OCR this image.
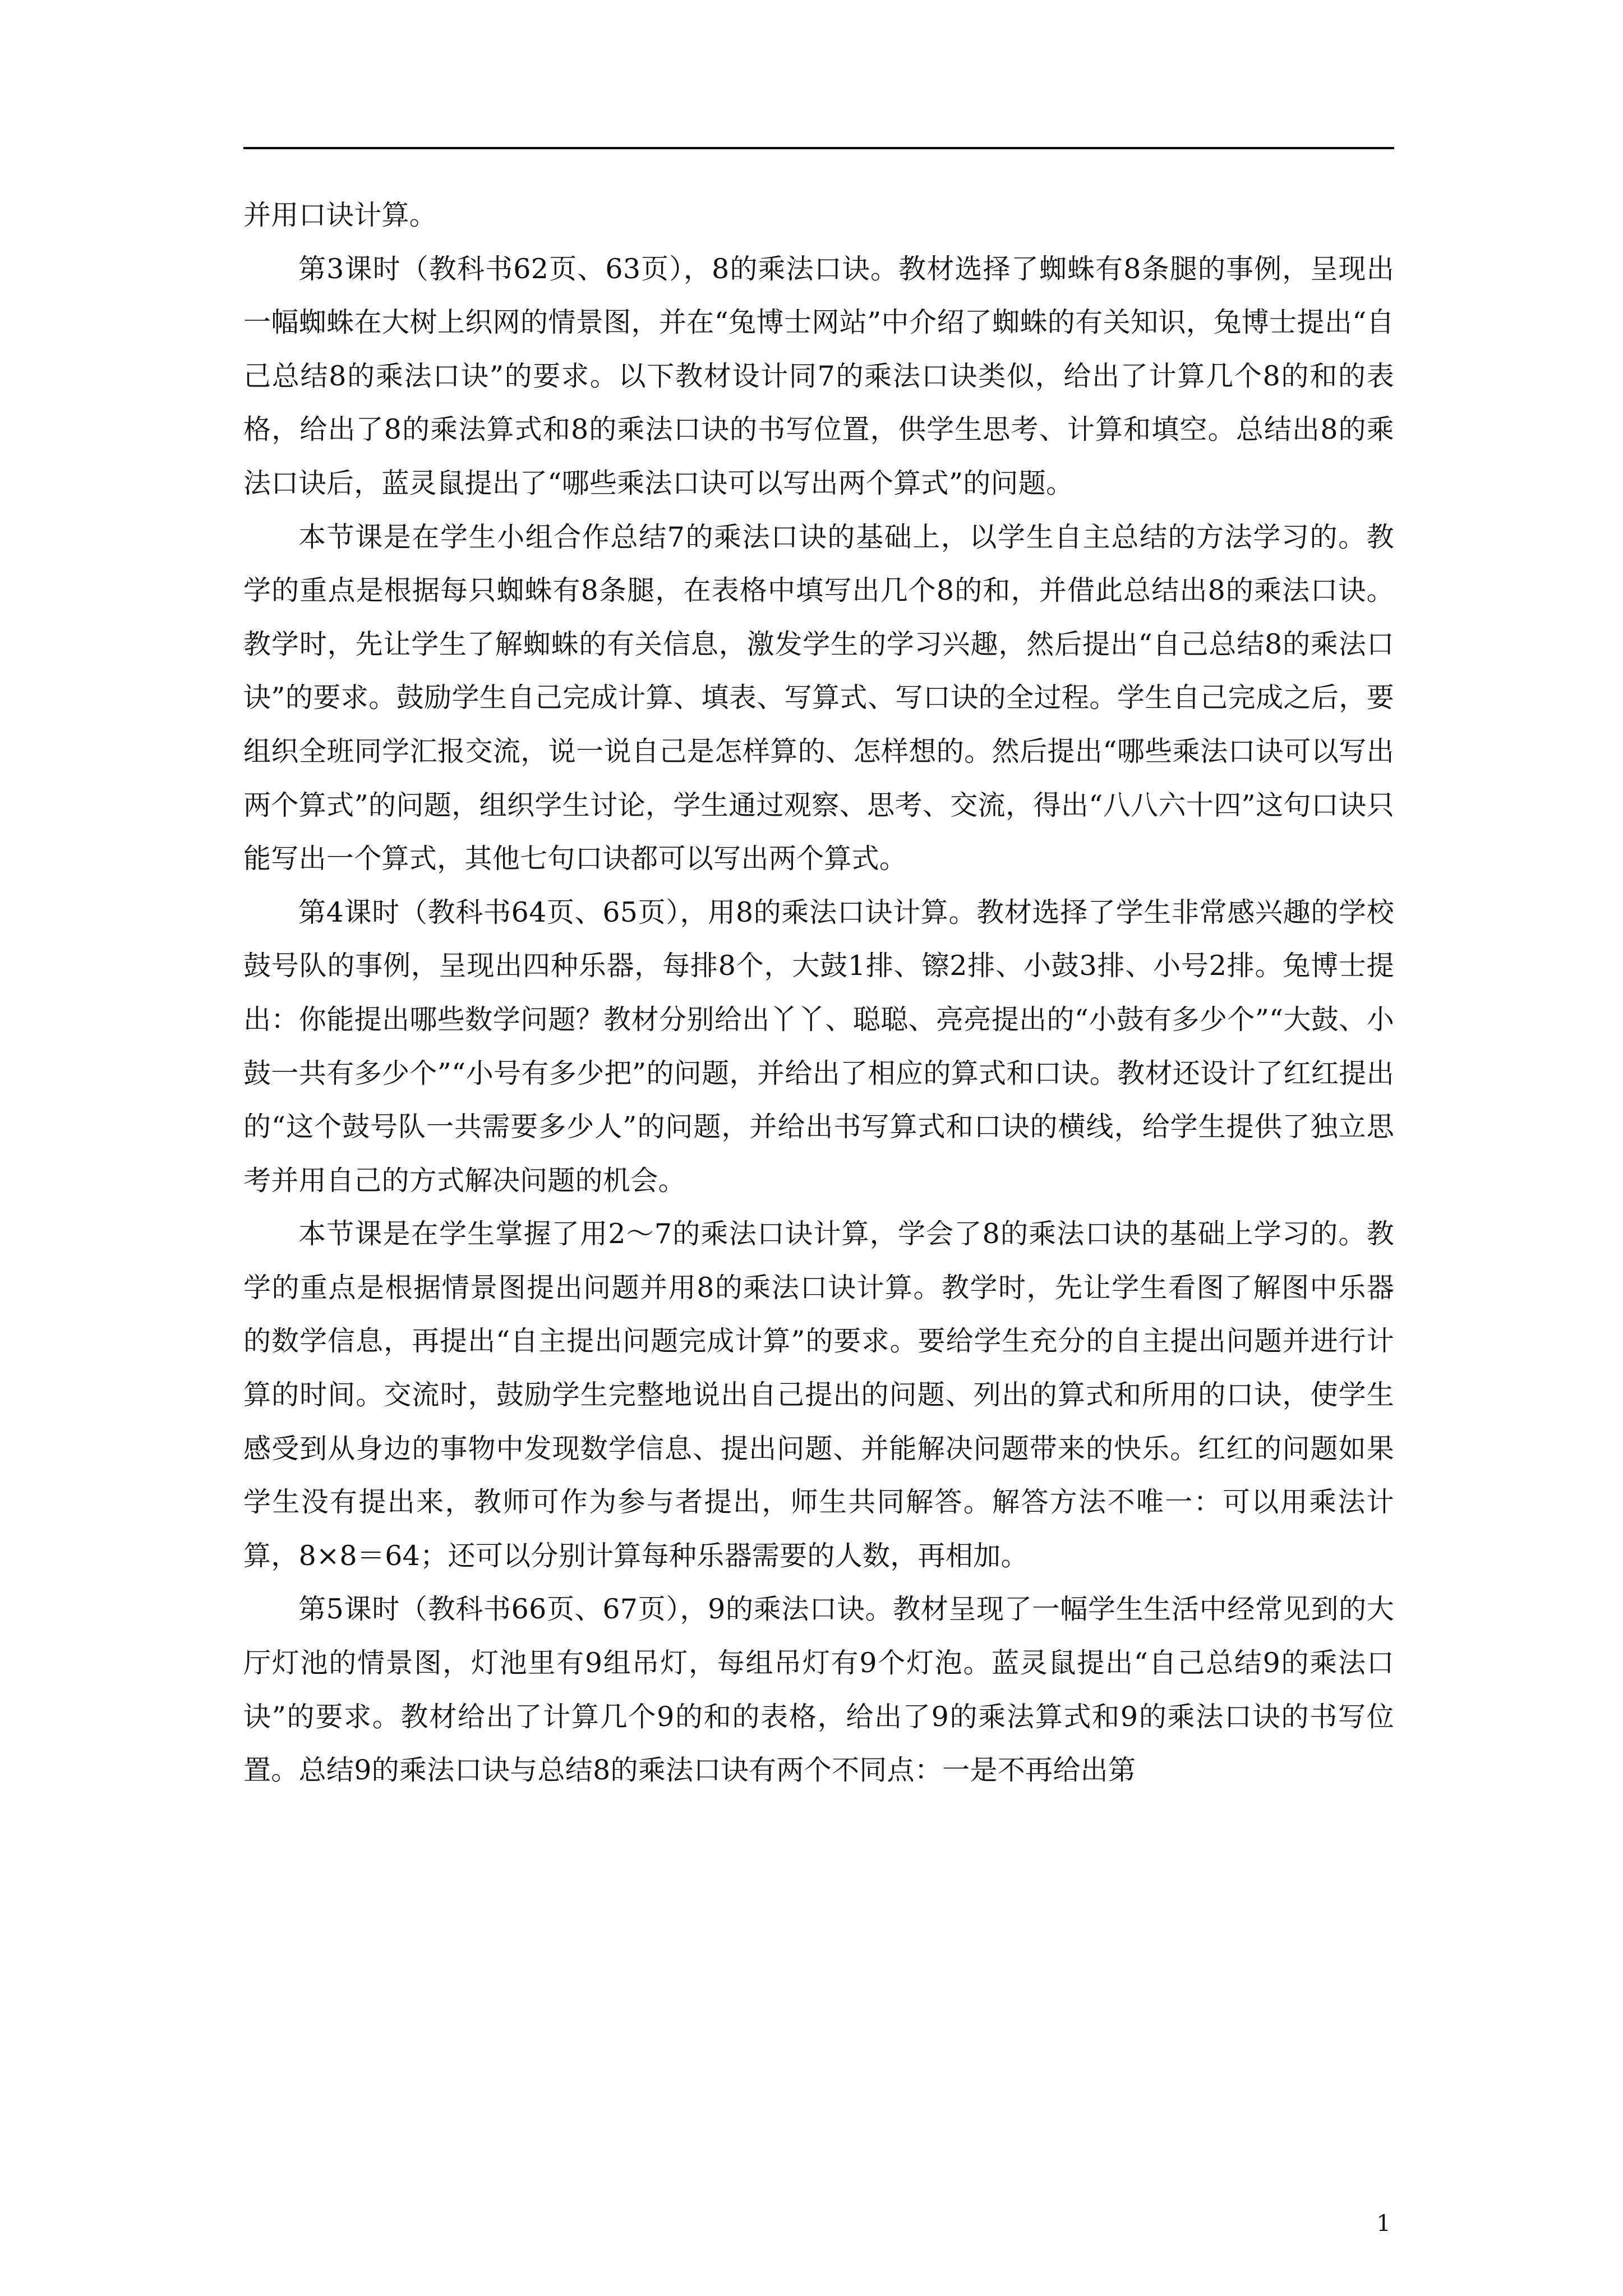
并用口诀计算。

第3课时（教科书62页、63页），8的乘法口诀。教材选择了蜘蛛有8条腿的事例，呈现出一幅蜘蛛在大树上织网的情景图，并在“兔博士网站”中介绍了蜘蛛的有关知识，兔博士提出“自己总结8的乘法口诀”的要求。以下教材设计同7的乘法口诀类似，给出了计算几个8的和的表格，给出了8的乘法算式和8的乘法口诀的书写位置，供学生思考、计算和填空。总结出8的乘法口诀后，蓝灵鼠提出了“哪些乘法口诀可以写出两个算式”的问题。

本节课是在学生小组合作总结7的乘法口诀的基础上，以学生自主总结的方法学习的。教学的重点是根据每只蜘蛛有8条腿，在表格中填写出几个8的和，并借此总结出8的乘法口诀。教学时，先让学生了解蜘蛛的有关信息，激发学生的学习兴趣，然后提出“自己总结8的乘法口诀”的要求。鼓励学生自己完成计算、填表、写算式、写口诀的全过程。学生自己完成之后，要组织全班同学汇报交流，说一说自己是怎样算的、怎样想的。然后提出“哪些乘法口诀可以写出两个算式”的问题，组织学生讨论，学生通过观察、思考、交流，得出“八八六十四”这句口诀只能写出一个算式，其他七句口诀都可以写出两个算式。

第4课时（教科书64页、65页），用8的乘法口诀计算。教材选择了学生非常感兴趣的学校鼓号队的事例，呈现出四种乐器，每排8个，大鼓1排、镲2排、小鼓3排、小号2排。兔博士提出：你能提出哪些数学问题？教材分别给出丫丫、聪聪、亮亮提出的“小鼓有多少个”“大鼓、小鼓一共有多少个”“小号有多少把”的问题，并给出了相应的算式和口诀。教材还设计了红红提出的“这个鼓号队一共需要多少人”的问题，并给出书写算式和口诀的横线，给学生提供了独立思考并用自己的方式解决问题的机会。

本节课是在学生掌握了用2～7的乘法口诀计算，学会了8的乘法口诀的基础上学习的。教学的重点是根据情景图提出问题并用8的乘法口诀计算。教学时，先让学生看图了解图中乐器的数学信息，再提出“自主提出问题完成计算”的要求。要给学生充分的自主提出问题并进行计算的时间。交流时，鼓励学生完整地说出自己提出的问题、列出的算式和所用的口诀，使学生感受到从身边的事物中发现数学信息、提出问题、并能解决问题带来的快乐。红红的问题如果学生没有提出来，教师可作为参与者提出，师生共同解答。解答方法不唯一：可以用乘法计算，8×8＝64；还可以分别计算每种乐器需要的人数，再相加。

第5课时（教科书66页、67页），9的乘法口诀。教材呈现了一幅学生生活中经常见到的大厅灯池的情景图，灯池里有9组吊灯，每组吊灯有9个灯泡。蓝灵鼠提出“自己总结9的乘法口诀”的要求。教材给出了计算几个9的和的表格，给出了9的乘法算式和9的乘法口诀的书写位置。总结9的乘法口诀与总结8的乘法口诀有两个不同点：一是不再给出第

1
